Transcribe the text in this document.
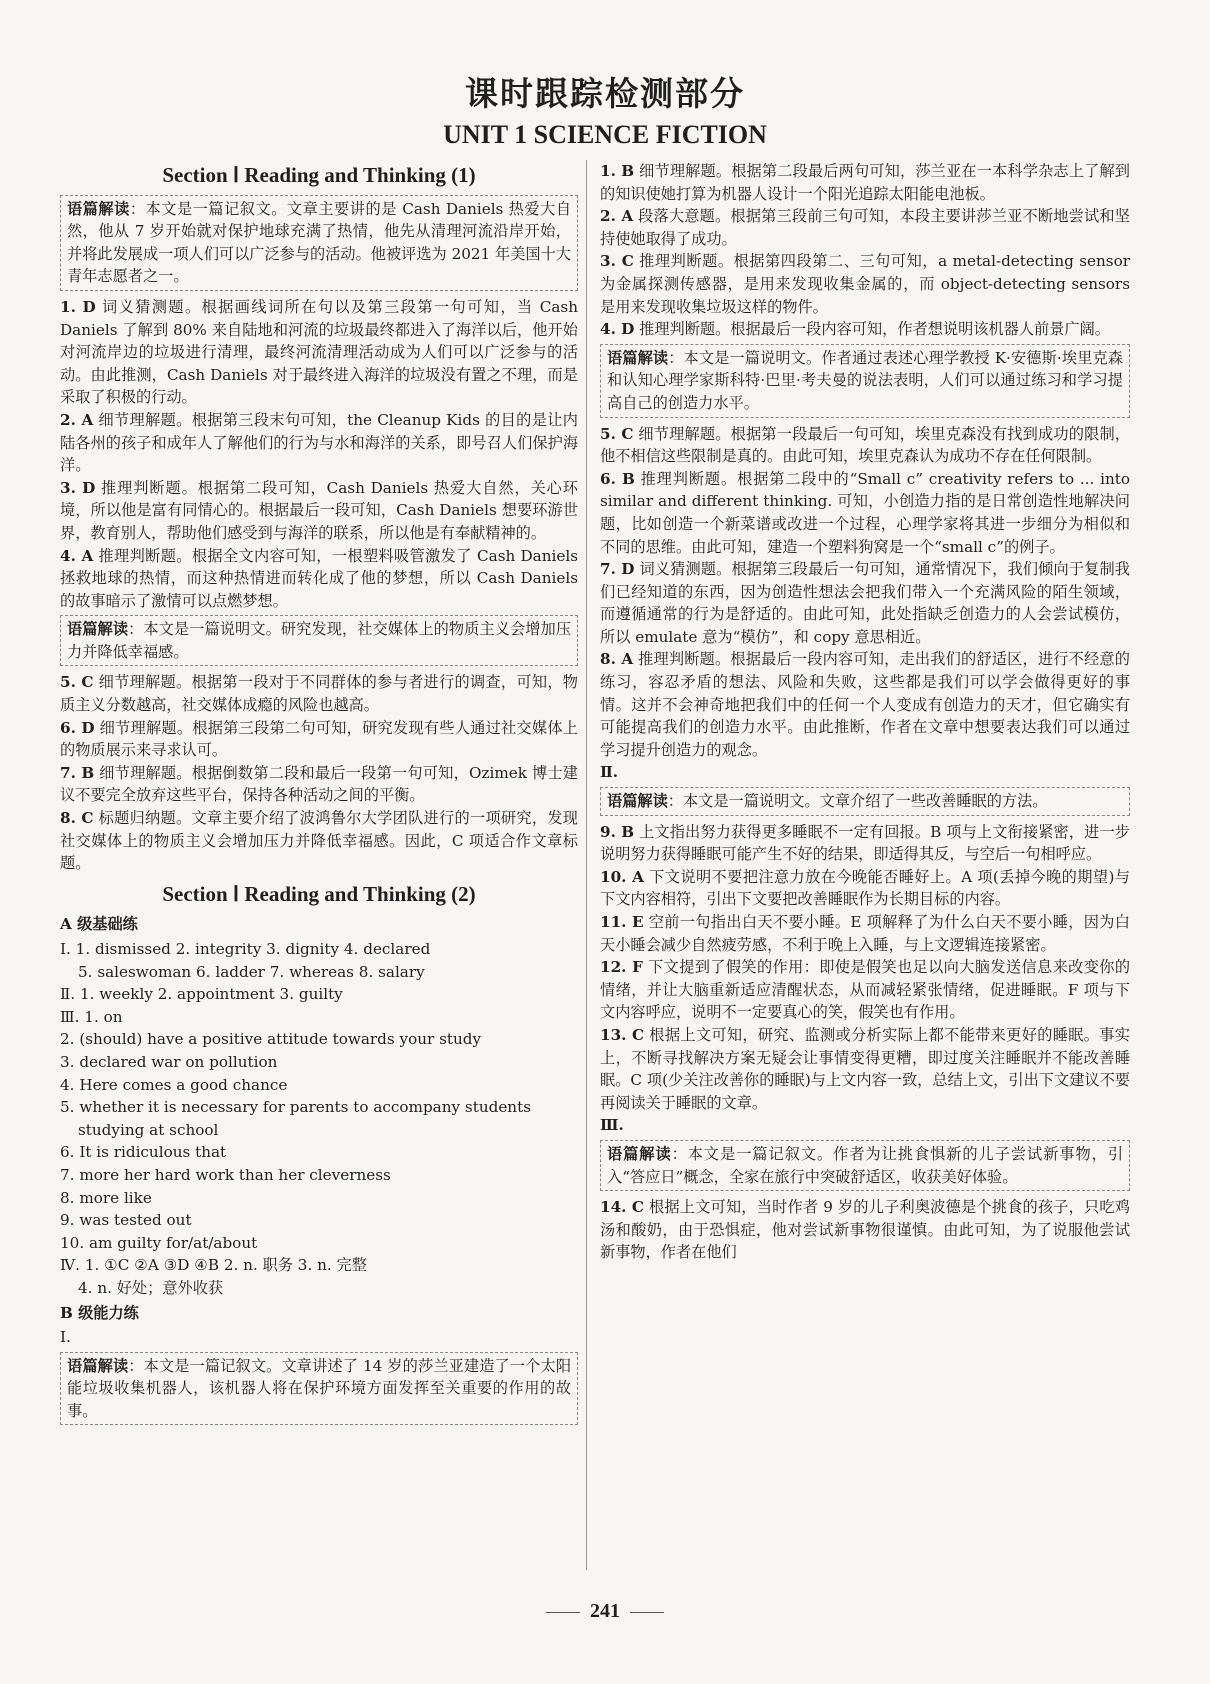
课时跟踪检测部分
UNIT 1 SCIENCE FICTION
Section Ⅰ Reading and Thinking (1)
语篇解读：本文是一篇记叙文。文章主要讲的是 Cash Daniels 热爱大自然，他从 7 岁开始就对保护地球充满了热情，他先从清理河流沿岸开始，并将此发展成一项人们可以广泛参与的活动。他被评选为 2021 年美国十大青年志愿者之一。

1. D 词义猜测题。根据画线词所在句以及第三段第一句可知，当 Cash Daniels 了解到 80% 来自陆地和河流的垃圾最终都进入了海洋以后，他开始对河流岸边的垃圾进行清理，最终河流清理活动成为人们可以广泛参与的活动。由此推测，Cash Daniels 对于最终进入海洋的垃圾没有置之不理，而是采取了积极的行动。

2. A 细节理解题。根据第三段末句可知，the Cleanup Kids 的目的是让内陆各州的孩子和成年人了解他们的行为与水和海洋的关系，即号召人们保护海洋。

3. D 推理判断题。根据第二段可知，Cash Daniels 热爱大自然，关心环境，所以他是富有同情心的。根据最后一段可知，Cash Daniels 想要环游世界，教育别人，帮助他们感受到与海洋的联系，所以他是有奉献精神的。

4. A 推理判断题。根据全文内容可知，一根塑料吸管激发了 Cash Daniels 拯救地球的热情，而这种热情进而转化成了他的梦想，所以 Cash Daniels 的故事暗示了激情可以点燃梦想。

语篇解读：本文是一篇说明文。研究发现，社交媒体上的物质主义会增加压力并降低幸福感。

5. C 细节理解题。根据第一段对于不同群体的参与者进行的调查，可知，物质主义分数越高，社交媒体成瘾的风险也越高。

6. D 细节理解题。根据第三段第二句可知，研究发现有些人通过社交媒体上的物质展示来寻求认可。

7. B 细节理解题。根据倒数第二段和最后一段第一句可知，Ozimek 博士建议不要完全放弃这些平台，保持各种活动之间的平衡。

8. C 标题归纳题。文章主要介绍了波鸿鲁尔大学团队进行的一项研究，发现社交媒体上的物质主义会增加压力并降低幸福感。因此，C 项适合作文章标题。

Section Ⅰ Reading and Thinking (2)
A 级基础练

Ⅰ. 1. dismissed 2. integrity 3. dignity 4. declared

5. saleswoman 6. ladder 7. whereas 8. salary

Ⅱ. 1. weekly 2. appointment 3. guilty

Ⅲ. 1. on

2. (should) have a positive attitude towards your study

3. declared war on pollution

4. Here comes a good chance

5. whether it is necessary for parents to accompany students

studying at school

6. It is ridiculous that

7. more her hard work than her cleverness

8. more like

9. was tested out

10. am guilty for/at/about

Ⅳ. 1. ①C ②A ③D ④B 2. n. 职务 3. n. 完整

4. n. 好处；意外收获

B 级能力练

Ⅰ.

语篇解读：本文是一篇记叙文。文章讲述了 14 岁的莎兰亚建造了一个太阳能垃圾收集机器人，该机器人将在保护环境方面发挥至关重要的作用的故事。

1. B 细节理解题。根据第二段最后两句可知，莎兰亚在一本科学杂志上了解到的知识使她打算为机器人设计一个阳光追踪太阳能电池板。

2. A 段落大意题。根据第三段前三句可知，本段主要讲莎兰亚不断地尝试和坚持使她取得了成功。

3. C 推理判断题。根据第四段第二、三句可知，a metal-detecting sensor 为金属探测传感器，是用来发现收集金属的，而 object-detecting sensors 是用来发现收集垃圾这样的物件。

4. D 推理判断题。根据最后一段内容可知，作者想说明该机器人前景广阔。

语篇解读：本文是一篇说明文。作者通过表述心理学教授 K·安德斯·埃里克森和认知心理学家斯科特·巴里·考夫曼的说法表明，人们可以通过练习和学习提高自己的创造力水平。

5. C 细节理解题。根据第一段最后一句可知，埃里克森没有找到成功的限制，他不相信这些限制是真的。由此可知，埃里克森认为成功不存在任何限制。

6. B 推理判断题。根据第二段中的“Small c” creativity refers to ... into similar and different thinking. 可知，小创造力指的是日常创造性地解决问题，比如创造一个新菜谱或改进一个过程，心理学家将其进一步细分为相似和不同的思维。由此可知，建造一个塑料狗窝是一个“small c”的例子。

7. D 词义猜测题。根据第三段最后一句可知，通常情况下，我们倾向于复制我们已经知道的东西，因为创造性想法会把我们带入一个充满风险的陌生领域，而遵循通常的行为是舒适的。由此可知，此处指缺乏创造力的人会尝试模仿，所以 emulate 意为“模仿”，和 copy 意思相近。

8. A 推理判断题。根据最后一段内容可知，走出我们的舒适区，进行不经意的练习，容忍矛盾的想法、风险和失败，这些都是我们可以学会做得更好的事情。这并不会神奇地把我们中的任何一个人变成有创造力的天才，但它确实有可能提高我们的创造力水平。由此推断，作者在文章中想要表达我们可以通过学习提升创造力的观念。

Ⅱ.

语篇解读：本文是一篇说明文。文章介绍了一些改善睡眠的方法。

9. B 上文指出努力获得更多睡眠不一定有回报。B 项与上文衔接紧密，进一步说明努力获得睡眠可能产生不好的结果，即适得其反，与空后一句相呼应。

10. A 下文说明不要把注意力放在今晚能否睡好上。A 项(丢掉今晚的期望)与下文内容相符，引出下文要把改善睡眠作为长期目标的内容。

11. E 空前一句指出白天不要小睡。E 项解释了为什么白天不要小睡，因为白天小睡会减少自然疲劳感，不利于晚上入睡，与上文逻辑连接紧密。

12. F 下文提到了假笑的作用：即使是假笑也足以向大脑发送信息来改变你的情绪，并让大脑重新适应清醒状态，从而减轻紧张情绪，促进睡眠。F 项与下文内容呼应，说明不一定要真心的笑，假笑也有作用。

13. C 根据上文可知，研究、监测或分析实际上都不能带来更好的睡眠。事实上，不断寻找解决方案无疑会让事情变得更糟，即过度关注睡眠并不能改善睡眠。C 项(少关注改善你的睡眠)与上文内容一致，总结上文，引出下文建议不要再阅读关于睡眠的文章。

Ⅲ.

语篇解读：本文是一篇记叙文。作者为让挑食惧新的儿子尝试新事物，引入“答应日”概念，全家在旅行中突破舒适区，收获美好体验。

14. C 根据上文可知，当时作者 9 岁的儿子利奥波德是个挑食的孩子，只吃鸡汤和酸奶，由于恐惧症，他对尝试新事物很谨慎。由此可知，为了说服他尝试新事物，作者在他们

241
